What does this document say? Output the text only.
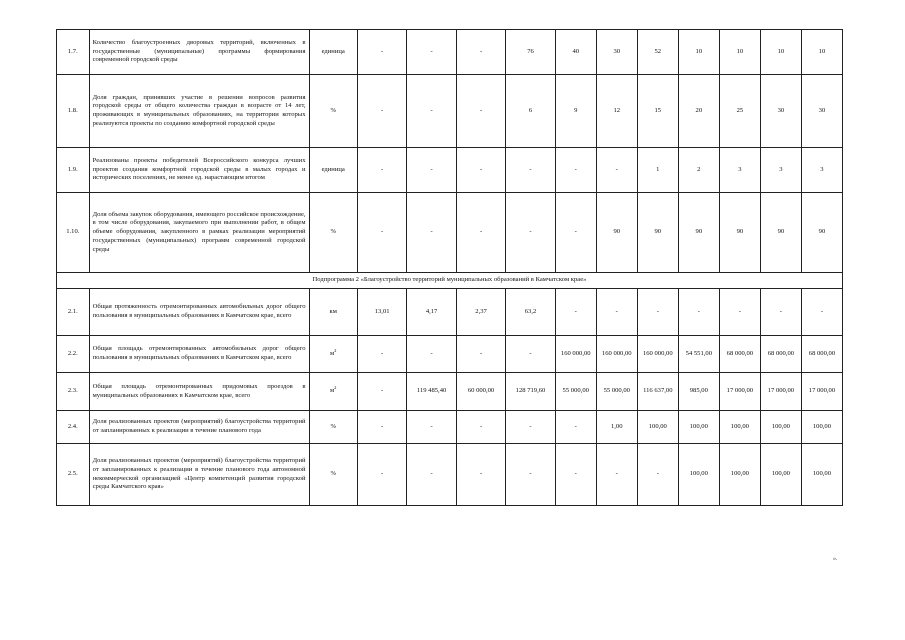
1.7.	Количество благоустроенных дворовых территорий, включенных в государственные (муниципальные) программы формирования современной городской среды	единица	-	-	-	76	40	30	52	10	10	10	10
1.8.	Доля граждан, принявших участие в решении вопросов развития городской среды от общего количества граждан в возрасте от 14 лет, проживающих в муниципальных образованиях, на территории которых реализуются проекты по созданию комфортной городской среды	%	-	-	-	6	9	12	15	20	25	30	30
1.9.	Реализованы проекты победителей Всероссийского конкурса лучших проектов создания комфортной городской среды в малых городах и исторических поселениях, не менее ед. нарастающим итогом	единица	-	-	-	-	-	-	1	2	3	3	3
1.10.	Доля объема закупок оборудования, имеющего российское происхождение, в том числе оборудования, закупаемого при выполнении работ, в общем объеме оборудования, закупленного в рамках реализации мероприятий государственных (муниципальных) программ современной городской среды	%	-	-	-	-	-	90	90	90	90	90	90
Подпрограмма 2 «Благоустройство территорий муниципальных образований в Камчатском крае»													
2.1.	Общая протяженность отремонтированных автомобильных дорог общего пользования в муниципальных образованиях в Камчатском крае, всего	км	13,01	4,17	2,37	63,2	-	-	-	-	-	-	-
2.2.	Общая площадь отремонтированных автомобильных дорог общего пользования в муниципальных образованиях в Камчатском крае, всего	$м^2$	-	-	-	-	160 000,00	160 000,00	160 000,00	54 551,00	68 000,00	68 000,00	68 000,00
2.3.	Общая площадь отремонтированных придомовых проездов в муниципальных образованиях в Камчатском крае, всего	$м^2$	-	119 485,40	60 000,00	128 719,60	55 000,00	55 000,00	116 637,00	985,00	17 000,00	17 000,00	17 000,00
2.4.	Доля реализованных проектов (мероприятий) благоустройства территорий от запланированных к реализации в течение планового года	%	-	-	-	-	-	1,00	100,00	100,00	100,00	100,00	100,00
2.5.	Доля реализованных проектов (мероприятий) благоустройства территорий от запланированных к реализации в течение планового года автономной некоммерческой организацией «Центр компетенций развития городской среды Камчатского края»	%	-	-	-	-	-	-	-	100,00	100,00	100,00	100,00
».
